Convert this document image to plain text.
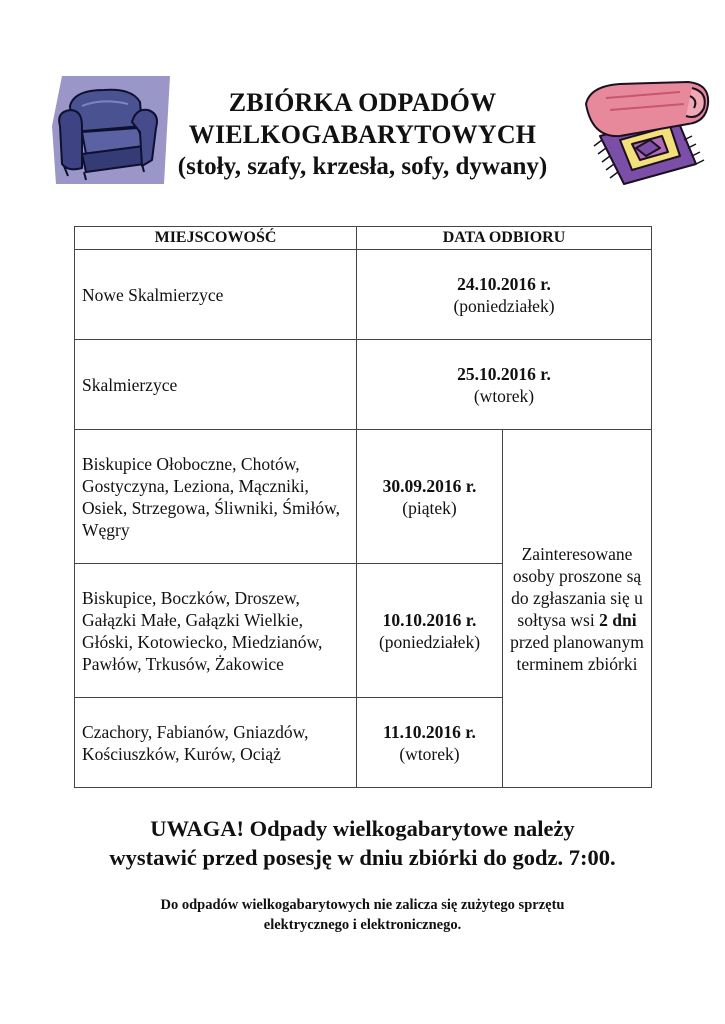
ZBIÓRKA ODPADÓW
WIELKOGABARYTOWYCH
(stoły, szafy, krzesła, sofy, dywany)
MIEJSCOWOŚĆ	DATA ODBIORU	
Nowe Skalmierzyce	24.10.2016 r.
(poniedziałek)	

Skalmierzyce	25.10.2016 r.
(wtorek)	

Biskupice Ołoboczne, Chotów, Gostyczyna, Leziona, Mączniki, Osiek, Strzegowa, Śliwniki, Śmiłów, Węgry	30.09.2016 r.
(piątek)	Zainteresowane osoby proszone są do zgłaszania się u sołtysa wsi 2 dni przed planowanym terminem zbiórki
Biskupice, Boczków, Droszew, Gałązki Małe, Gałązki Wielkie, Głóski, Kotowiecko, Miedzianów, Pawłów, Trkusów, Żakowice	10.10.2016 r.
(poniedziałek)	

Czachory, Fabianów, Gniazdów, Kościuszków, Kurów, Ociąż	11.10.2016 r.
(wtorek)	
UWAGA! Odpady wielkogabarytowe należy
wystawić przed posesję w dniu zbiórki do godz. 7:00.
Do odpadów wielkogabarytowych nie zalicza się zużytego sprzętu
elektrycznego i elektronicznego.
